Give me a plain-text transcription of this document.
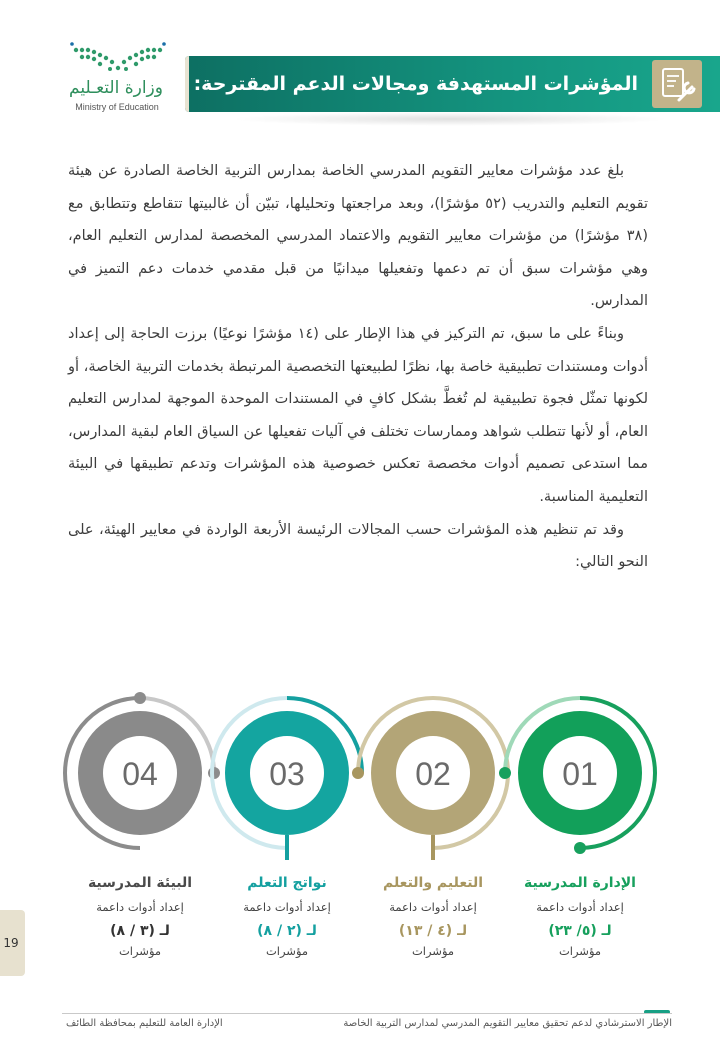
وزارة التعـليم
Ministry of Education
المؤشرات المستهدفة ومجالات الدعم المقترحة:

بلغ عدد مؤشرات معايير التقويم المدرسي الخاصة بمدارس التربية الخاصة الصادرة عن هيئة تقويم التعليم والتدريب (٥٢ مؤشرًا)، وبعد مراجعتها وتحليلها، تبيّن أن غالبيتها تتقاطع وتتطابق مع (٣٨ مؤشرًا) من مؤشرات معايير التقويم والاعتماد المدرسي المخصصة لمدارس التعليم العام، وهي مؤشرات سبق أن تم دعمها وتفعيلها ميدانيًا من قبل مقدمي خدمات دعم التميز في المدارس.

وبناءً على ما سبق، تم التركيز في هذا الإطار على (١٤ مؤشرًا نوعيًا) برزت الحاجة إلى إعداد أدوات ومستندات تطبيقية خاصة بها، نظرًا لطبيعتها التخصصية المرتبطة بخدمات التربية الخاصة، أو لكونها تمثّل فجوة تطبيقية لم تُغطَّ بشكل كافٍ في المستندات الموحدة الموجهة لمدارس التعليم العام، أو لأنها تتطلب شواهد وممارسات تختلف في آليات تفعيلها عن السياق العام لبقية المدارس، مما استدعى تصميم أدوات مخصصة تعكس خصوصية هذه المؤشرات وتدعم تطبيقها في البيئة التعليمية المناسبة.

وقد تم تنظيم هذه المؤشرات حسب المجالات الرئيسة الأربعة الواردة في معايير الهيئة، على النحو التالي:

04	03	02	01
الإدارة المدرسية
إعداد أدوات داعمة
لـ (٥/ ٢٣)
مؤشرات
التعليم والتعلم
إعداد أدوات داعمة
لـ (٤ / ١٣)
مؤشرات
نواتج التعلم
إعداد أدوات داعمة
لـ (٢ / ٨)
مؤشرات
البيئة المدرسية
إعداد أدوات داعمة
لـ (٣ / ٨)
مؤشرات
19
الإطار الاسترشادي لدعم تحقيق معايير التقويم المدرسي لمدارس التربية الخاصة
الإدارة العامة للتعليم بمحافظة الطائف
